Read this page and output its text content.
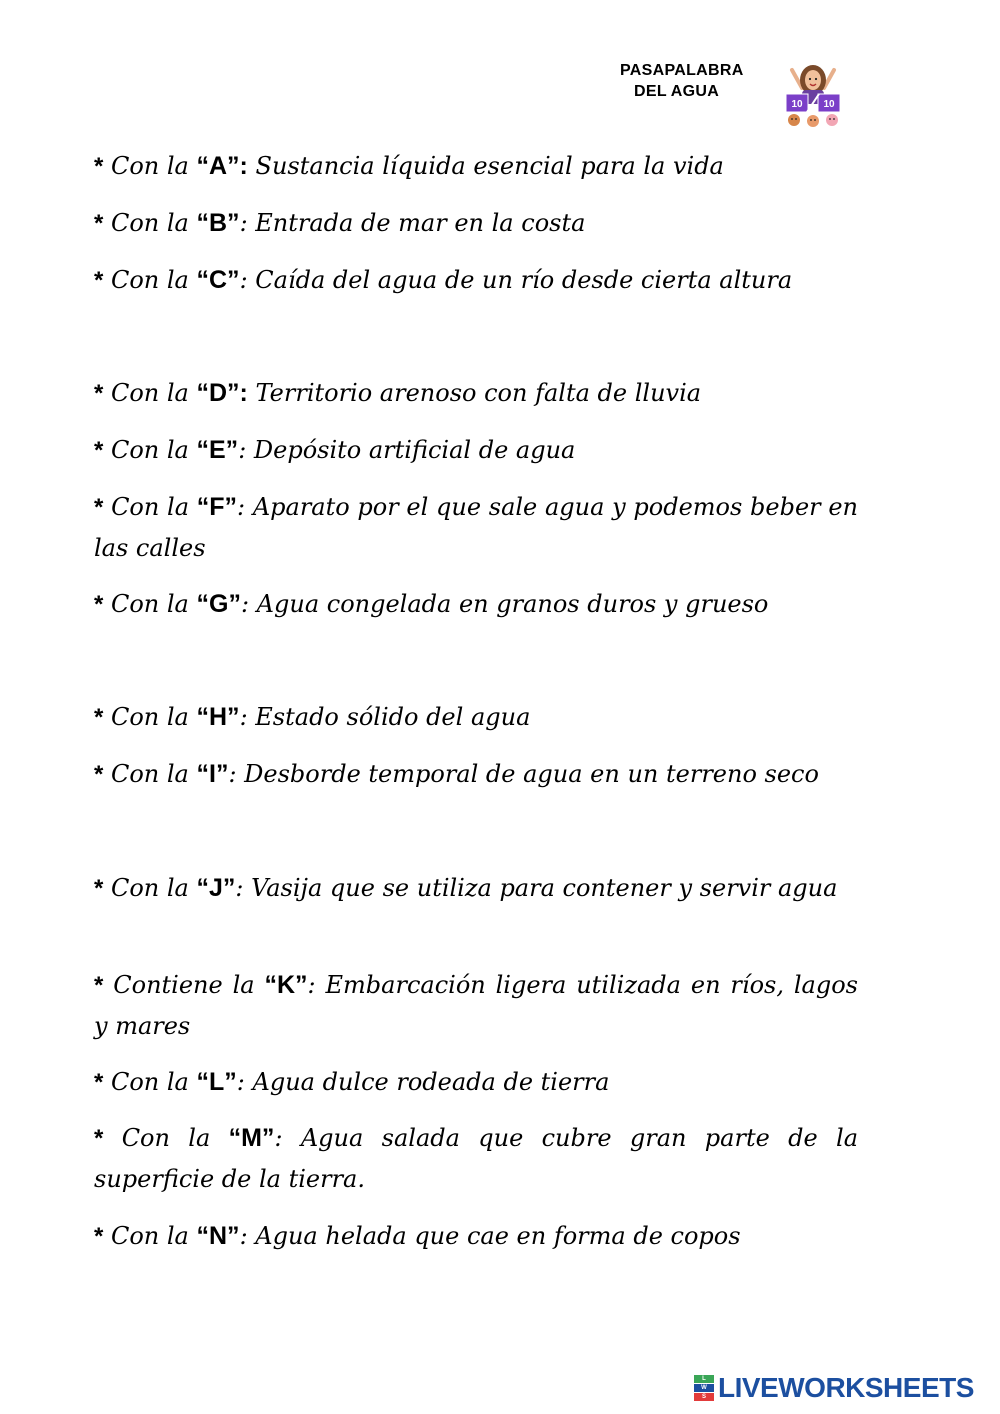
PASAPALABRA
DEL AGUA
10 10

* Con la “A”: Sustancia líquida esencial para la vida

* Con la “B”: Entrada de mar en la costa

* Con la “C”: Caída del agua de un río desde cierta altura

* Con la “D”: Territorio arenoso con falta de lluvia

* Con la “E”: Depósito artificial de agua

* Con la “F”: Aparato por el que sale agua y podemos beber en las calles

* Con la “G”: Agua congelada en granos duros y grueso

* Con la “H”: Estado sólido del agua

* Con la “I”: Desborde temporal de agua en un terreno seco

* Con la “J”: Vasija que se utiliza para contener y servir agua

* Contiene la “K”: Embarcación ligera utilizada en ríos, lagos y mares

* Con la “L”: Agua dulce rodeada de tierra

* Con la “M”: Agua salada que cubre gran parte de la superficie de la tierra.

* Con la “N”: Agua helada que cae en forma de copos

L
W
S LIVEWORKSHEETS
